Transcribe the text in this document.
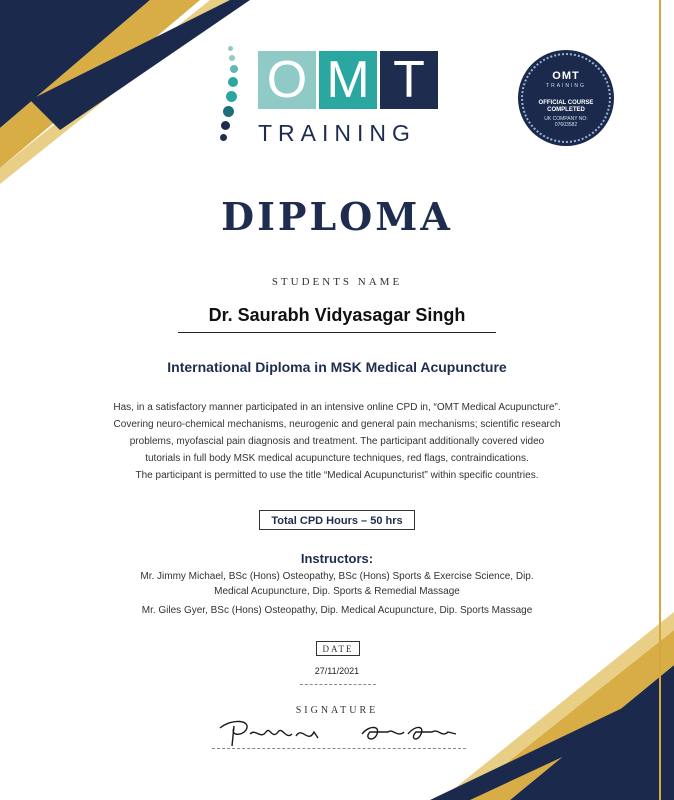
O M T
TRAINING
OMT
TRAINING
OFFICIAL COURSE
COMPLETED
UK COMPANY NO:
07603582
DIPLOMA
STUDENTS NAME
Dr. Saurabh Vidyasagar Singh
International Diploma in MSK Medical Acupuncture
Has, in a satisfactory manner participated in an intensive online CPD in, “OMT Medical Acupuncture”.
Covering neuro-chemical mechanisms, neurogenic and general pain mechanisms; scientific research
problems, myofascial pain diagnosis and treatment. The participant additionally covered video
tutorials in full body MSK medical acupuncture techniques, red flags, contraindications.
The participant is permitted to use the title “Medical Acupuncturist” within specific countries.
Total CPD Hours – 50 hrs
Instructors:
Mr. Jimmy Michael, BSc (Hons) Osteopathy, BSc (Hons) Sports & Exercise Science, Dip.
Medical Acupuncture, Dip. Sports & Remedial Massage
Mr. Giles Gyer, BSc (Hons) Osteopathy, Dip. Medical Acupuncture, Dip. Sports Massage
DATE
27/11/2021
SIGNATURE
